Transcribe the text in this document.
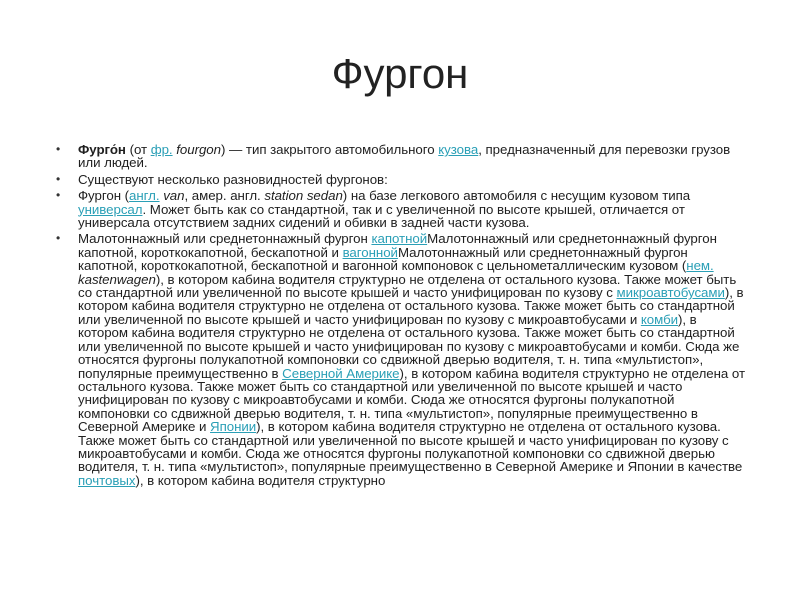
Фургон
• Фурго́н (от фр. fourgon) — тип закрытого автомобильного кузова, предназначенный для перевозки грузов или людей.
• Существуют несколько разновидностей фургонов:
• Фургон (англ. van, амер. англ. station sedan) на базе легкового автомобиля с несущим кузовом типа универсал. Может быть как со стандартной, так и с увеличенной по высоте крышей, отличается от универсала отсутствием задних сидений и обивки в задней части кузова.
• Малотоннажный или среднетоннажный фургон капотнойМалотоннажный или среднетоннажный фургон капотной, короткокапотной, бескапотной и вагоннойМалотоннажный или среднетоннажный фургон капотной, короткокапотной, бескапотной и вагонной компоновок с цельнометаллическим кузовом (нем. kastenwagen), в котором кабина водителя структурно не отделена от остального кузова. Также может быть со стандартной или увеличенной по высоте крышей и часто унифицирован по кузову с микроавтобусами), в котором кабина водителя структурно не отделена от остального кузова. Также может быть со стандартной или увеличенной по высоте крышей и часто унифицирован по кузову с микроавтобусами и комби), в котором кабина водителя структурно не отделена от остального кузова. Также может быть со стандартной или увеличенной по высоте крышей и часто унифицирован по кузову с микроавтобусами и комби. Сюда же относятся фургоны полукапотной компоновки со сдвижной дверью водителя, т. н. типа «мультистоп», популярные преимущественно в Северной Америке), в котором кабина водителя структурно не отделена от остального кузова. Также может быть со стандартной или увеличенной по высоте крышей и часто унифицирован по кузову с микроавтобусами и комби. Сюда же относятся фургоны полукапотной компоновки со сдвижной дверью водителя, т. н. типа «мультистоп», популярные преимущественно в Северной Америке и Японии), в котором кабина водителя структурно не отделена от остального кузова. Также может быть со стандартной или увеличенной по высоте крышей и часто унифицирован по кузову с микроавтобусами и комби. Сюда же относятся фургоны полукапотной компоновки со сдвижной дверью водителя, т. н. типа «мультистоп», популярные преимущественно в Северной Америке и Японии в качестве почтовых), в котором кабина водителя структурно
